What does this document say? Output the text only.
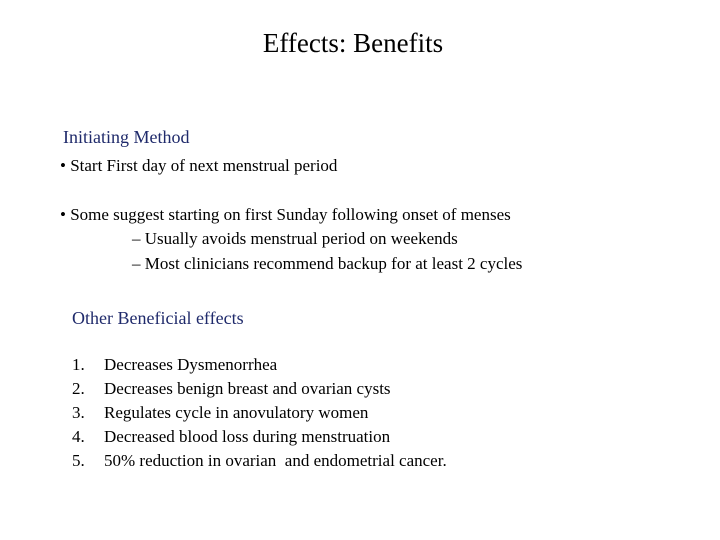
Effects: Benefits
Initiating Method
• Start First day of next menstrual period
• Some suggest starting on first Sunday following onset of menses
– Usually avoids menstrual period on weekends
– Most clinicians recommend backup for at least 2 cycles
Other Beneficial effects
1. Decreases Dysmenorrhea
2. Decreases benign breast and ovarian cysts
3. Regulates cycle in anovulatory women
4. Decreased blood loss during menstruation
5. 50% reduction in ovarian  and endometrial cancer.
